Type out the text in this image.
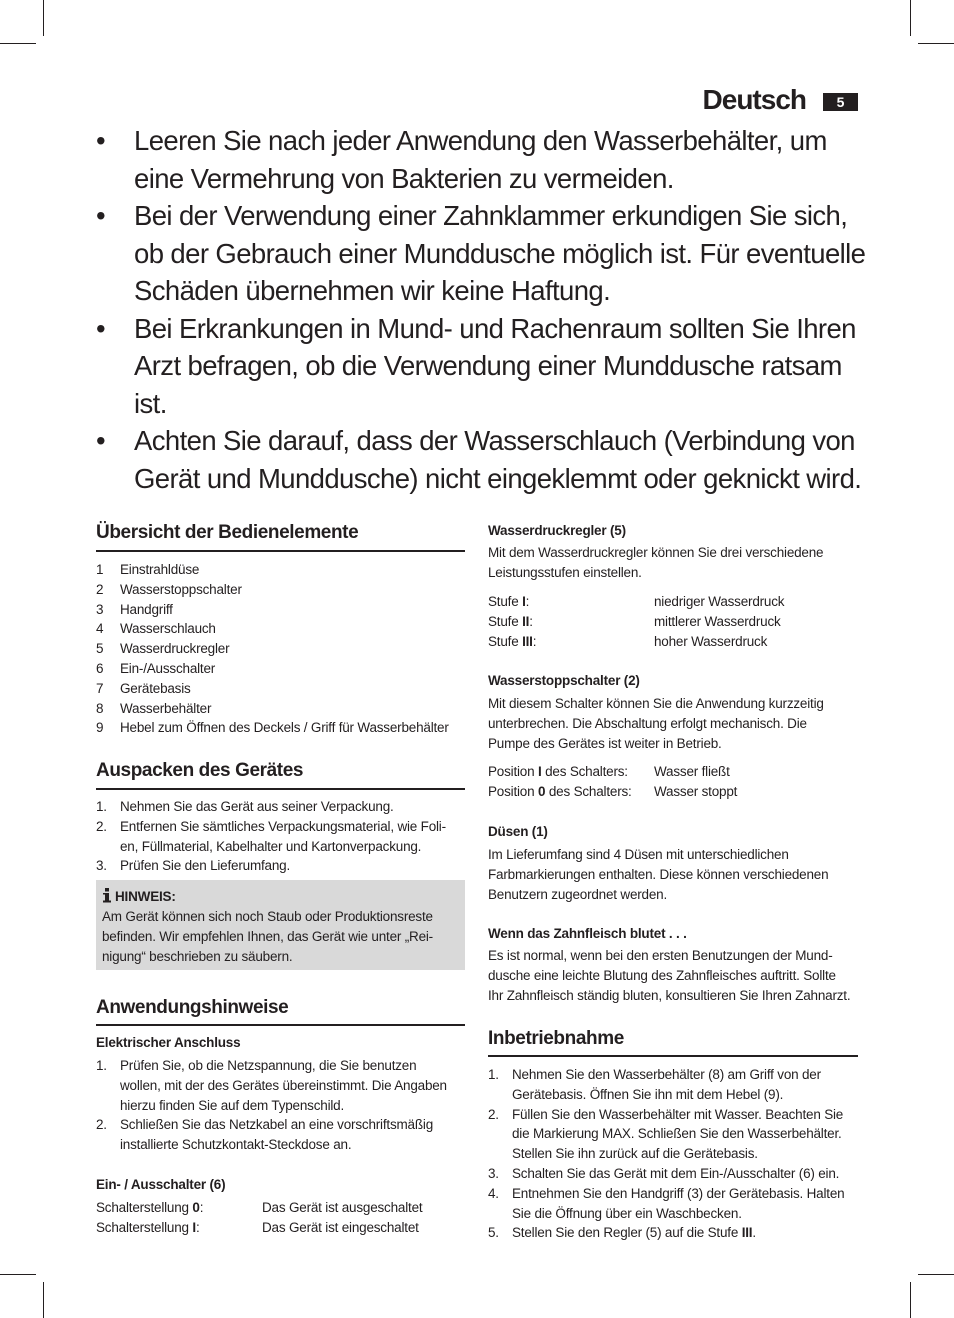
Deutsch	5
• Leeren Sie nach jeder Anwendung den Wasserbehälter, um
eine Vermehrung von Bakterien zu vermeiden.
• Bei der Verwendung einer Zahnklammer erkundigen Sie sich,
ob der Gebrauch einer Munddusche möglich ist. Für eventuelle
Schäden übernehmen wir keine Haftung.
• Bei Erkrankungen in Mund- und Rachenraum sollten Sie Ihren
Arzt befragen, ob die Verwendung einer Munddusche ratsam
ist.
• Achten Sie darauf, dass der Wasserschlauch (Verbindung von
Gerät und Munddusche) nicht eingeklemmt oder geknickt wird.
Übersicht der Bedienelemente
1 Einstrahldüse
2 Wasserstoppschalter
3 Handgriff
4 Wasserschlauch
5 Wasserdruckregler
6 Ein-/Ausschalter
7 Gerätebasis
8 Wasserbehälter
9 Hebel zum Öffnen des Deckels / Griff für Wasserbehälter
Auspacken des Gerätes
1. Nehmen Sie das Gerät aus seiner Verpackung.
2. Entfernen Sie sämtliches Verpackungsmaterial, wie Foli-
en, Füllmaterial, Kabelhalter und Kartonverpackung.
3. Prüfen Sie den Lieferumfang.
HINWEIS:
Am Gerät können sich noch Staub oder Produktionsreste
befinden. Wir empfehlen Ihnen, das Gerät wie unter „Rei-
nigung“ beschrieben zu säubern.
Anwendungshinweise
Elektrischer Anschluss
1. Prüfen Sie, ob die Netzspannung, die Sie benutzen
wollen, mit der des Gerätes übereinstimmt. Die Angaben
hierzu finden Sie auf dem Typenschild.
2. Schließen Sie das Netzkabel an eine vorschriftsmäßig
installierte Schutzkontakt-Steckdose an.
Ein- / Ausschalter (6)
Schalterstellung 0:	Das Gerät ist ausgeschaltet
Schalterstellung I:	Das Gerät ist eingeschaltet
Wasserdruckregler (5)
Mit dem Wasserdruckregler können Sie drei verschiedene
Leistungsstufen einstellen.
Stufe I:	niedriger Wasserdruck
Stufe II:	mittlerer Wasserdruck
Stufe III:	hoher Wasserdruck
Wasserstoppschalter (2)
Mit diesem Schalter können Sie die Anwendung kurzzeitig
unterbrechen. Die Abschaltung erfolgt mechanisch. Die
Pumpe des Gerätes ist weiter in Betrieb.
Position I des Schalters:	Wasser fließt
Position 0 des Schalters:	Wasser stoppt
Düsen (1)
Im Lieferumfang sind 4 Düsen mit unterschiedlichen
Farbmarkierungen enthalten. Diese können verschiedenen
Benutzern zugeordnet werden.
Wenn das Zahnfleisch blutet . . .
Es ist normal, wenn bei den ersten Benutzungen der Mund-
dusche eine leichte Blutung des Zahnfleisches auftritt. Sollte
Ihr Zahnfleisch ständig bluten, konsultieren Sie Ihren Zahnarzt.
Inbetriebnahme
1. Nehmen Sie den Wasserbehälter (8) am Griff von der
Gerätebasis. Öffnen Sie ihn mit dem Hebel (9).
2. Füllen Sie den Wasserbehälter mit Wasser. Beachten Sie
die Markierung MAX. Schließen Sie den Wasserbehälter.
Stellen Sie ihn zurück auf die Gerätebasis.
3. Schalten Sie das Gerät mit dem Ein-/Ausschalter (6) ein.
4. Entnehmen Sie den Handgriff (3) der Gerätebasis. Halten
Sie die Öffnung über ein Waschbecken.
5. Stellen Sie den Regler (5) auf die Stufe III.
